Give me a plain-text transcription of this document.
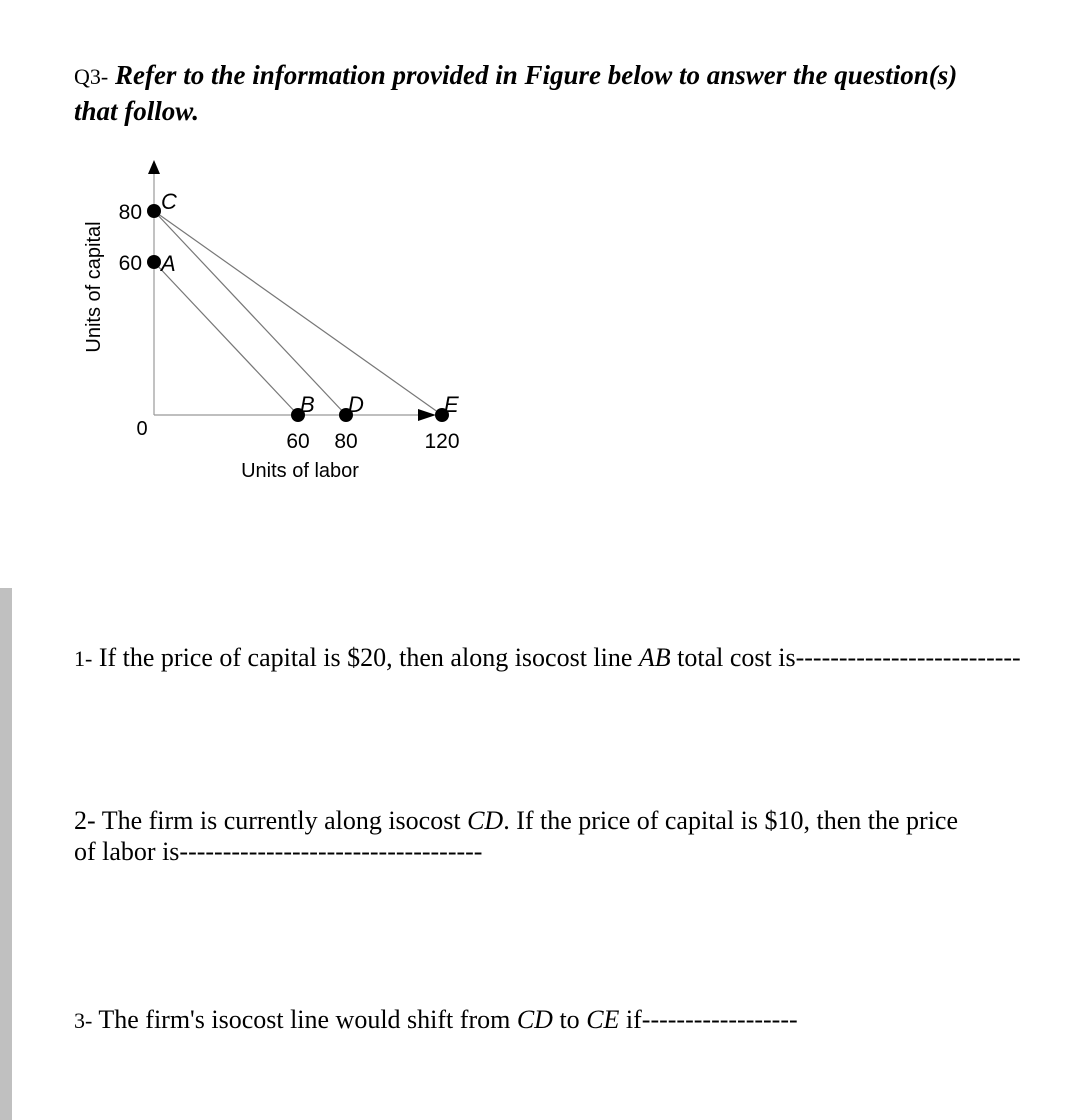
Q3- Refer to the information provided in Figure below to answer the question(s)
that follow.
A
C
B D	E
Units of capital
Units of labor
0
60 80	120
80
60
1- If the price of capital is $20, then along isocost line AB total cost is--------------------------
2- The firm is currently along isocost CD. If the price of capital is $10, then the price
of labor is-----------------------------------
3- The firm's isocost line would shift from CD to CE if------------------
